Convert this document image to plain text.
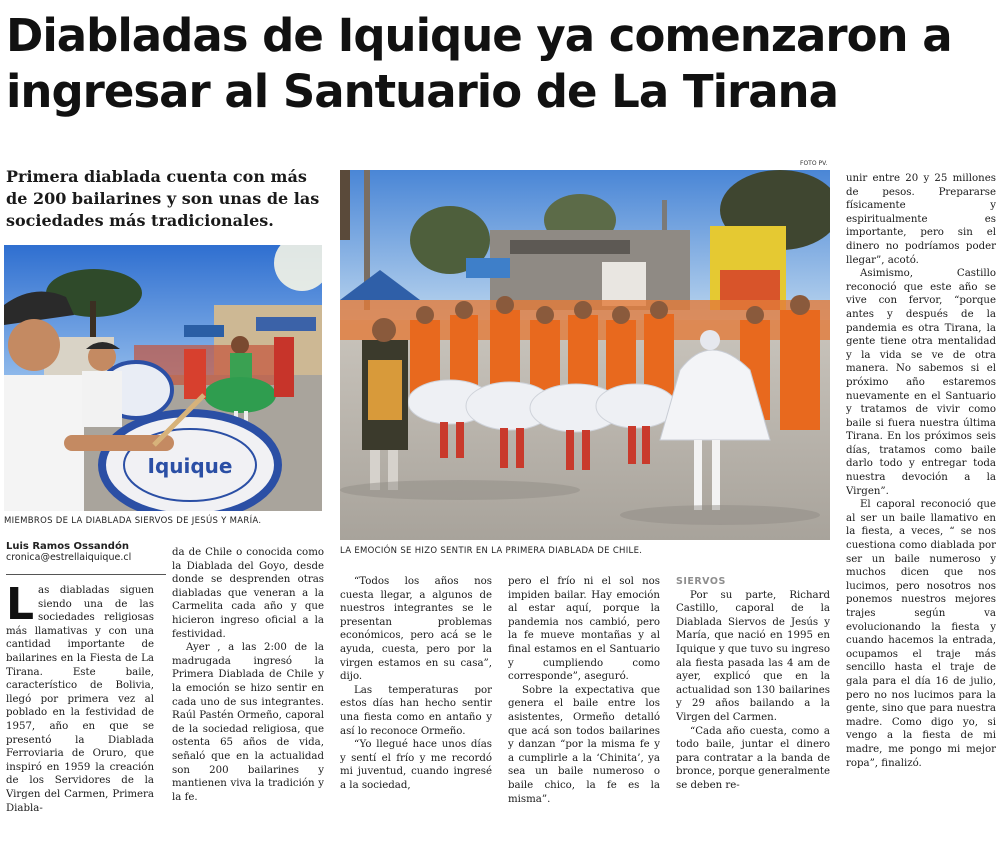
Diabladas de Iquique ya comenzaron a
ingresar al Santuario de La Tirana
Primera diablada cuenta con más de 200 bailarines y son unas de las sociedades más tradicionales.
Iquique
MIEMBROS DE LA DIABLADA SIERVOS DE JESÚS Y MARÍA.
FOTO PV.
LA EMOCIÓN SE HIZO SENTIR EN LA PRIMERA DIABLADA DE CHILE.
Luis Ramos Ossandón
cronica@estrellaiquique.cl

Las diabladas siguen siendo una de las sociedades religiosas más llamativas y con una cantidad importante de bailarines en la Fiesta de La Tirana. Este baile, característico de Bolivia, llegó por primera vez al poblado en la festividad de 1957, año en que se presentó la Diablada Ferroviaria de Oruro, que inspiró en 1959 la creación de los Servidores de la Virgen del Carmen, Primera Diabla-

da de Chile o conocida como la Diablada del Goyo, desde donde se desprenden otras diabladas que veneran a la Carmelita cada año y que hicieron ingreso oficial a la festividad.

Ayer , a las 2:00 de la madrugada ingresó la Primera Diablada de Chile y la emoción se hizo sentir en cada uno de sus integrantes. Raúl Pastén Ormeño, caporal de la sociedad religiosa, que ostenta 65 años de vida, señaló que en la actualidad son 200 bailarines y mantienen viva la tradición y la fe.

“Todos los años nos cuesta llegar, a algunos de nuestros integrantes se le presentan problemas económicos, pero acá se le ayuda, cuesta, pero por la virgen estamos en su casa”, dijo.

Las temperaturas por estos días han hecho sentir una fiesta como en antaño y así lo reconoce Ormeño.

“Yo llegué hace unos días y sentí el frío y me recordó mi juventud, cuando ingresé a la sociedad,

pero el frío ni el sol nos impiden bailar. Hay emoción al estar aquí, porque la pandemia nos cambió, pero la fe mueve montañas y al final estamos en el Santuario y cumpliendo como corresponde”, aseguró.

Sobre la expectativa que genera el baile entre los asistentes, Ormeño detalló que acá son todos bailarines y danzan “por la misma fe y a cumplirle a la ‘Chinita’, ya sea un baile numeroso o baile chico, la fe es la misma”.

SIERVOS

Por su parte, Richard Castillo, caporal de la Diablada Siervos de Jesús y María, que nació en 1995 en Iquique y que tuvo su ingreso ala fiesta pasada las 4 am de ayer, explicó que en la actualidad son 130 bailarines y 29 años bailando a la Virgen del Carmen.

“Cada año cuesta, como a todo baile, juntar el dinero para contratar a la banda de bronce, porque generalmente se deben re-

unir entre 20 y 25 millones de pesos. Prepararse físicamente y espiritualmente es importante, pero sin el dinero no podríamos poder llegar”, acotó.

Asimismo, Castillo reconoció que este año se vive con fervor, “porque antes y después de la pandemia es otra Tirana, la gente tiene otra mentalidad y la vida se ve de otra manera. No sabemos si el próximo año estaremos nuevamente en el Santuario y tratamos de vivir como baile si fuera nuestra última Tirana. En los próximos seis días, tratamos como baile darlo todo y entregar toda nuestra devoción a la Virgen”.

El caporal reconoció que al ser un baile llamativo en la fiesta, a veces, “ se nos cuestiona como diablada por ser un baile numeroso y muchos dicen que nos lucimos, pero nosotros nos ponemos nuestros mejores trajes según va evolucionando la fiesta y cuando hacemos la entrada, ocupamos el traje más sencillo hasta el traje de gala para el día 16 de julio, pero no nos lucimos para la gente, sino que para nuestra madre. Como digo yo, si vengo a la fiesta de mi madre, me pongo mi mejor ropa”, finalizó.
